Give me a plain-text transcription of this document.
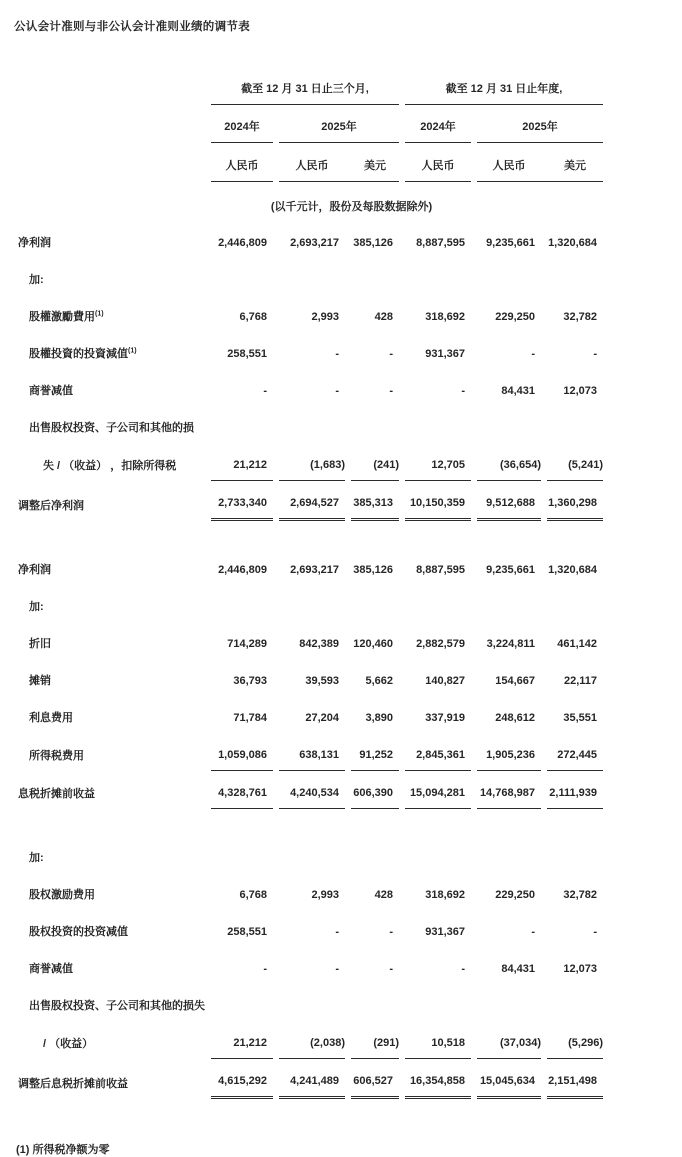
公认会计准则与非公认会计准则业绩的调节表
	截至 12 月 31 日止三个月,			截至 12 月 31 日止年度,		
	2024年	2025年		2024年	2025年	
	人民币	人民币 美元		人民币	人民币 美元	

(以千元计，股份及每股数据除外)						

净利润	2,446,809	2,693,217	385,126	8,887,595	9,235,661	1,320,684
加:						
股權激勵費用$^{(1)}$	6,768	2,993	428	318,692	229,250	32,782
股權投資的投資減值$^{(1)}$	258,551	-	-	931,367	-	-
商誉减值	-	-	-	-	84,431	12,073
出售股权投资、子公司和其他的损						
失 / （收益） ，扣除所得税	21,212	(1,683)	(241)	12,705	(36,654)	(5,241)
调整后净利润	2,733,340	2,694,527	385,313	10,150,359	9,512,688	1,360,298

净利润	2,446,809	2,693,217	385,126	8,887,595	9,235,661	1,320,684
加:						
折旧	714,289	842,389	120,460	2,882,579	3,224,811	461,142
摊销	36,793	39,593	5,662	140,827	154,667	22,117
利息费用	71,784	27,204	3,890	337,919	248,612	35,551
所得税费用	1,059,086	638,131	91,252	2,845,361	1,905,236	272,445
息税折摊前收益	4,328,761	4,240,534	606,390	15,094,281	14,768,987	2,111,939

加:						
股权激励费用	6,768	2,993	428	318,692	229,250	32,782
股权投资的投资减值	258,551	-	-	931,367	-	-
商誉减值	-	-	-	-	84,431	12,073
出售股权投资、子公司和其他的损失						
/ （收益）	21,212	(2,038)	(291)	10,518	(37,034)	(5,296)
调整后息税折摊前收益	4,615,292	4,241,489	606,527	16,354,858	15,045,634	2,151,498
(1) 所得税净额为零
